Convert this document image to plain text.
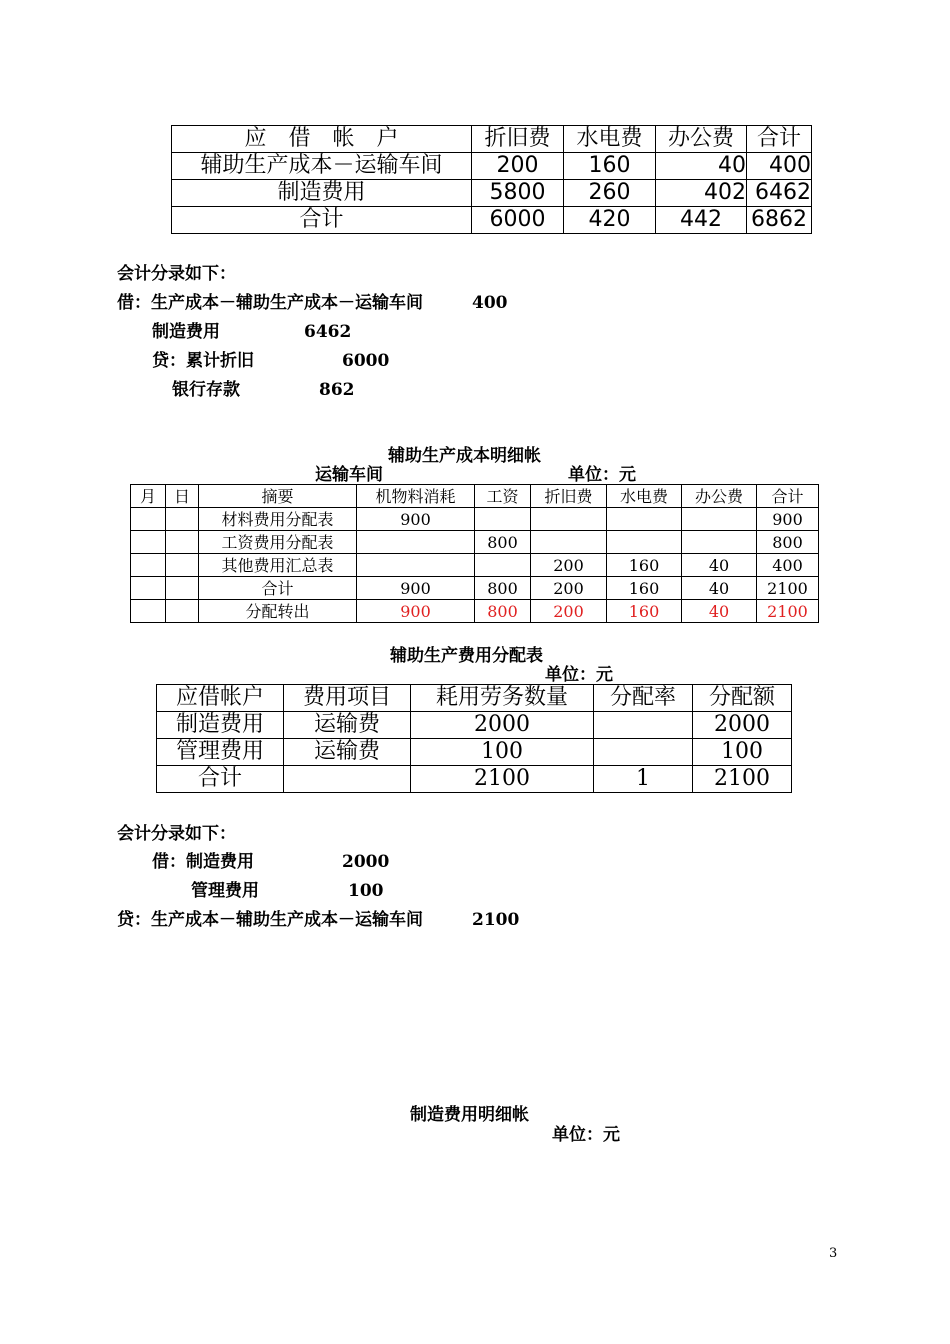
应　借　帐　户	折旧费	水电费	办公费	合计
辅助生产成本－运输车间	200	160	40	400
制造费用	5800	260	402	6462
合计	6000	420	442	6862
会计分录如下：
借：生产成本－辅助生产成本－运输车间	400
制造费用	6462
贷：累计折旧	6000
银行存款	862
辅助生产成本明细帐
运输车间	单位：元
月	日	摘要	机物料消耗	工资	折旧费	水电费	办公费	合计
		材料费用分配表	900					900
		工资费用分配表		800				800
		其他费用汇总表			200	160	40	400
		合计	900	800	200	160	40	2100
		分配转出	900	800	200	160	40	2100
辅助生产费用分配表
单位：元
应借帐户	费用项目	耗用劳务数量	分配率	分配额
制造费用	运输费	2000		2000
管理费用	运输费	100		100
合计		2100	1	2100
会计分录如下：
借：制造费用	2000
管理费用	100
贷：生产成本－辅助生产成本－运输车间	2100
制造费用明细帐
单位：元
3
